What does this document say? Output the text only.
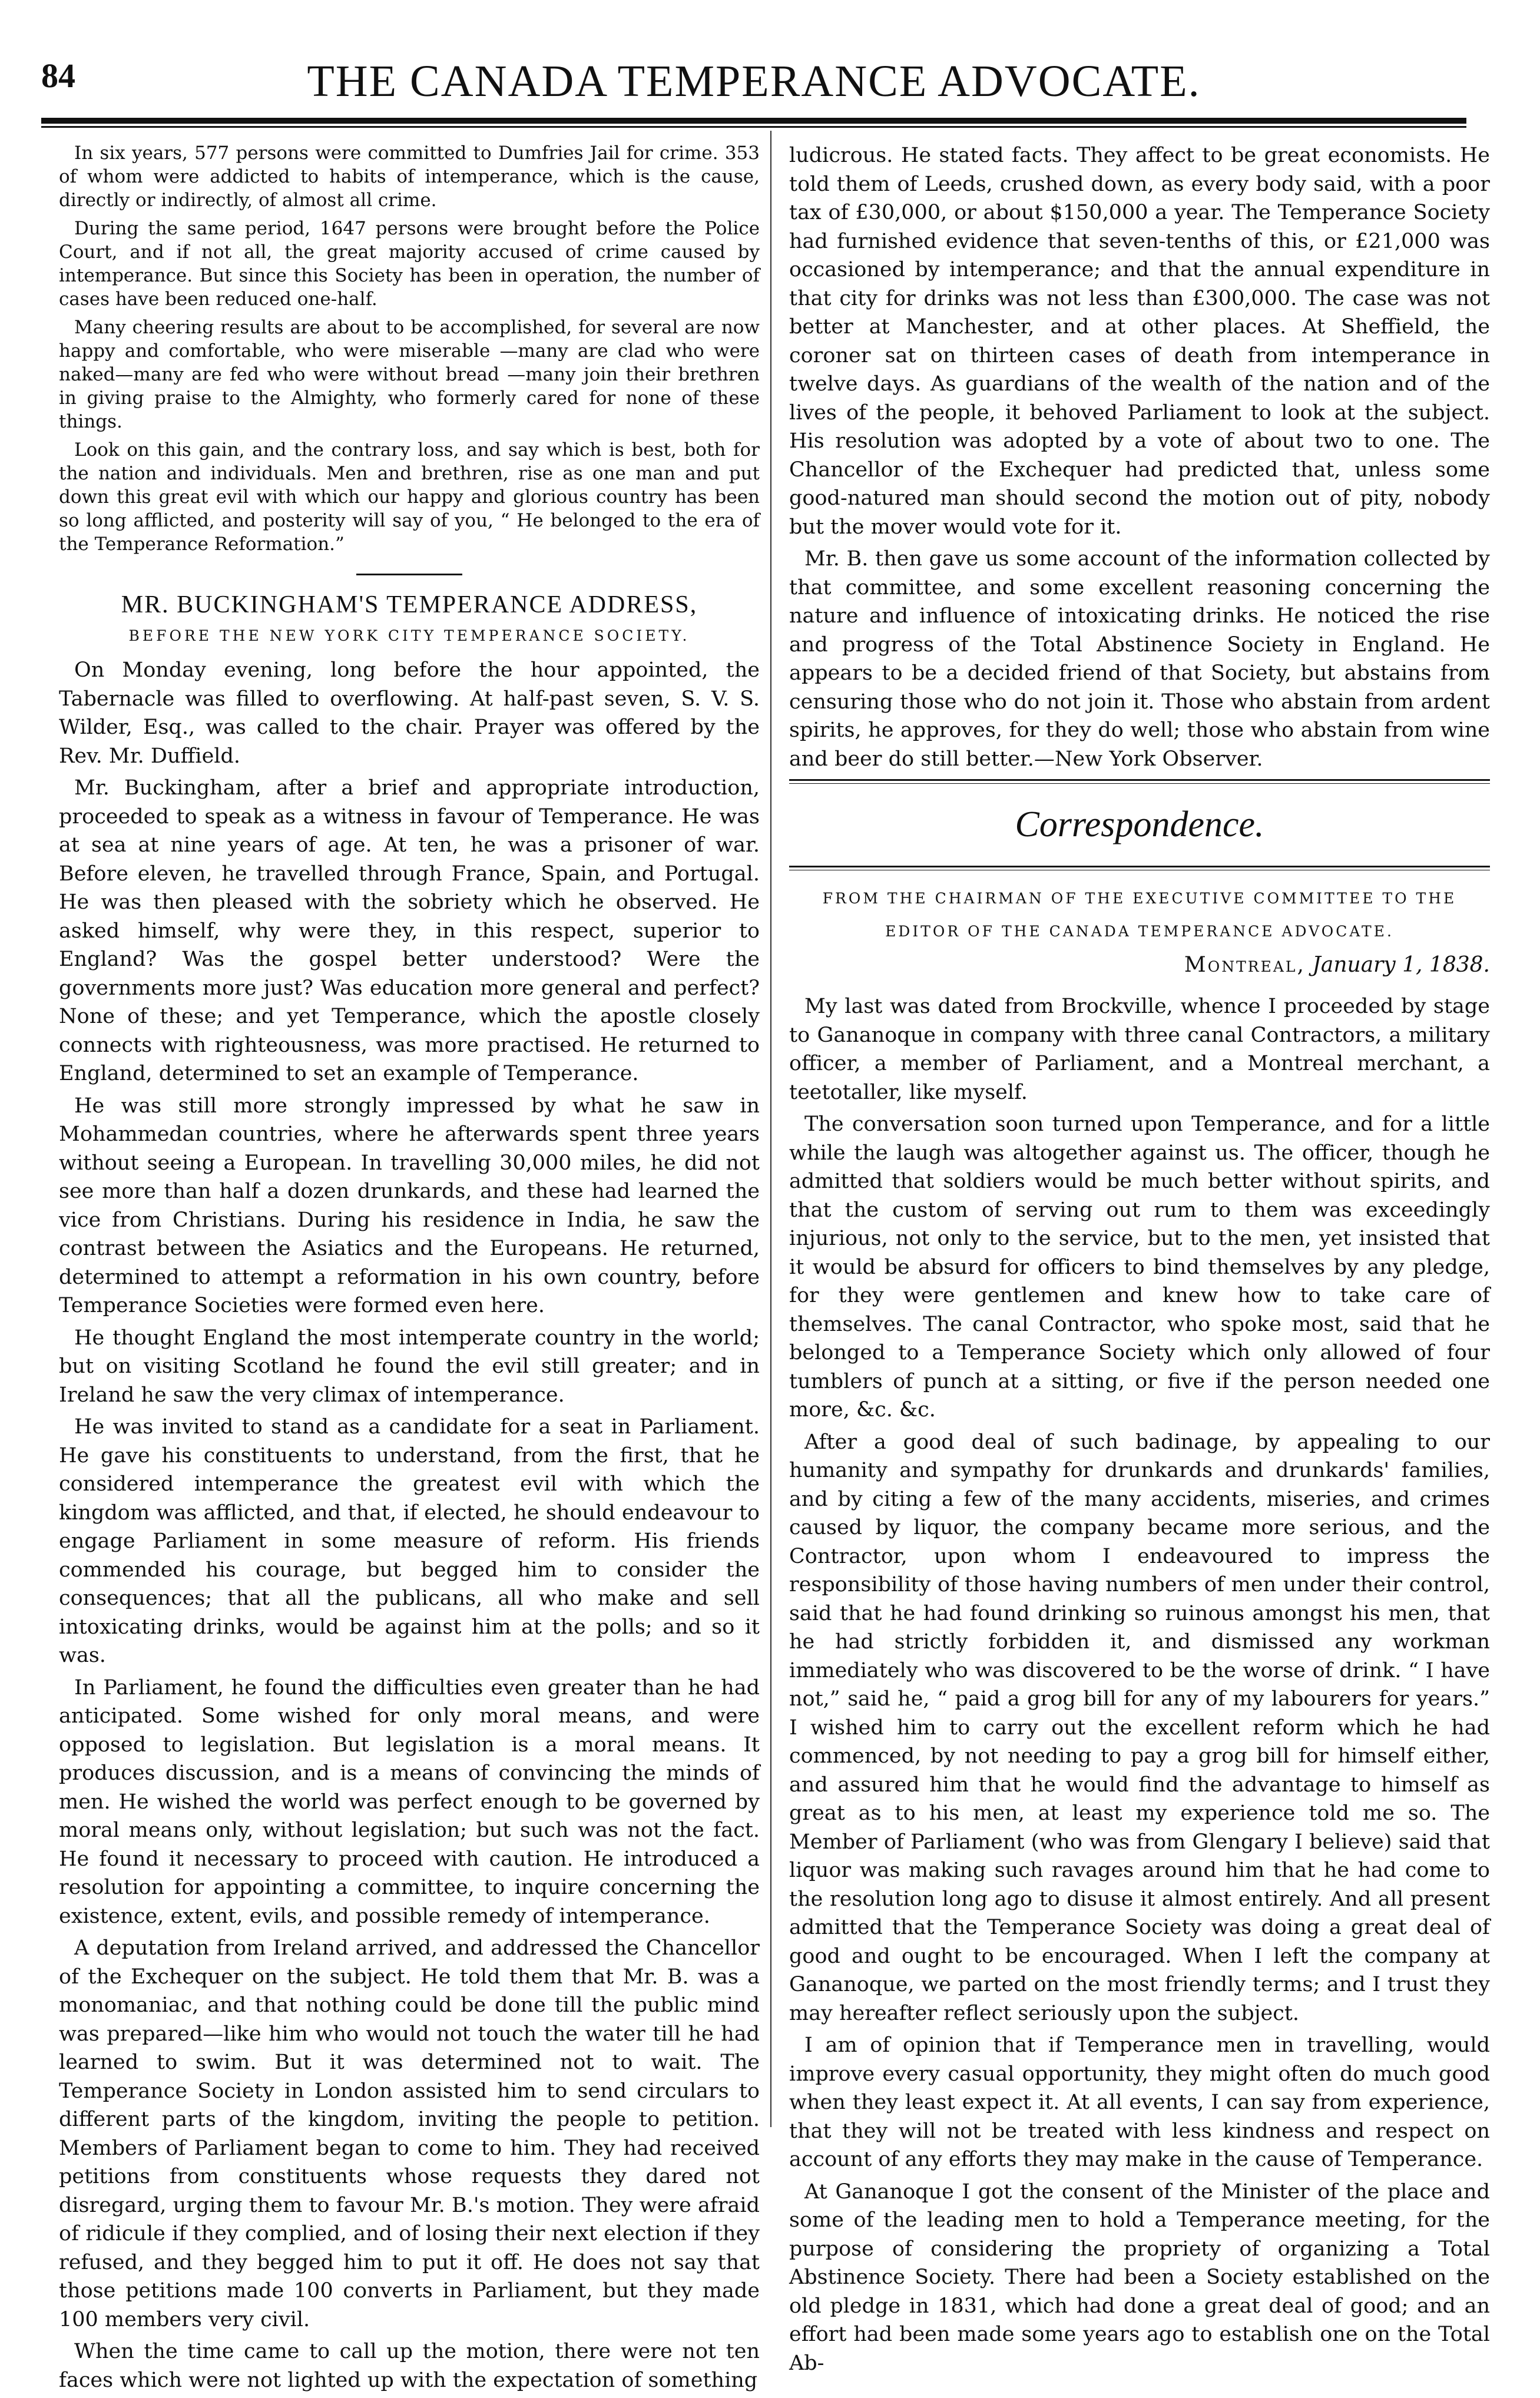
84	THE CANADA TEMPERANCE ADVOCATE.

In six years, 577 persons were committed to Dumfries Jail for crime. 353 of whom were addicted to habits of intemperance, which is the cause, directly or indirectly, of almost all crime.

During the same period, 1647 persons were brought before the Police Court, and if not all, the great majority accused of crime caused by intemperance. But since this Society has been in operation, the number of cases have been reduced one-half.

Many cheering results are about to be accomplished, for several are now happy and comfortable, who were miserable —many are clad who were naked—many are fed who were without bread —many join their brethren in giving praise to the Almighty, who formerly cared for none of these things.

Look on this gain, and the contrary loss, and say which is best, both for the nation and individuals. Men and brethren, rise as one man and put down this great evil with which our happy and glorious country has been so long afflicted, and posterity will say of you, “ He belonged to the era of the Temperance Reformation.”

MR. BUCKINGHAM'S TEMPERANCE ADDRESS,
BEFORE THE NEW YORK CITY TEMPERANCE SOCIETY.

On Monday evening, long before the hour appointed, the Tabernacle was filled to overflowing. At half-past seven, S. V. S. Wilder, Esq., was called to the chair. Prayer was offered by the Rev. Mr. Duffield.

Mr. Buckingham, after a brief and appropriate introduction, proceeded to speak as a witness in favour of Temperance. He was at sea at nine years of age. At ten, he was a prisoner of war. Before eleven, he travelled through France, Spain, and Portugal. He was then pleased with the sobriety which he observed. He asked himself, why were they, in this respect, superior to England? Was the gospel better understood? Were the governments more just? Was education more general and perfect? None of these; and yet Temperance, which the apostle closely connects with righteousness, was more practised. He returned to England, determined to set an example of Temperance.

He was still more strongly impressed by what he saw in Mohammedan countries, where he afterwards spent three years without seeing a European. In travelling 30,000 miles, he did not see more than half a dozen drunkards, and these had learned the vice from Christians. During his residence in India, he saw the contrast between the Asiatics and the Europeans. He returned, determined to attempt a reformation in his own country, before Temperance Societies were formed even here.

He thought England the most intemperate country in the world; but on visiting Scotland he found the evil still greater; and in Ireland he saw the very climax of intemperance.

He was invited to stand as a candidate for a seat in Parliament. He gave his constituents to understand, from the first, that he considered intemperance the greatest evil with which the kingdom was afflicted, and that, if elected, he should endeavour to engage Parliament in some measure of reform. His friends commended his courage, but begged him to consider the consequences; that all the publicans, all who make and sell intoxicating drinks, would be against him at the polls; and so it was.

In Parliament, he found the difficulties even greater than he had anticipated. Some wished for only moral means, and were opposed to legislation. But legislation is a moral means. It produces discussion, and is a means of convincing the minds of men. He wished the world was perfect enough to be governed by moral means only, without legislation; but such was not the fact. He found it necessary to proceed with caution. He introduced a resolution for appointing a committee, to inquire concerning the existence, extent, evils, and possible remedy of intemperance.

A deputation from Ireland arrived, and addressed the Chancellor of the Exchequer on the subject. He told them that Mr. B. was a monomaniac, and that nothing could be done till the public mind was prepared—like him who would not touch the water till he had learned to swim. But it was determined not to wait. The Temperance Society in London assisted him to send circulars to different parts of the kingdom, inviting the people to petition. Members of Parliament began to come to him. They had received petitions from constituents whose requests they dared not disregard, urging them to favour Mr. B.'s motion. They were afraid of ridicule if they complied, and of losing their next election if they refused, and they begged him to put it off. He does not say that those petitions made 100 converts in Parliament, but they made 100 members very civil.

When the time came to call up the motion, there were not ten faces which were not lighted up with the expectation of something

ludicrous. He stated facts. They affect to be great economists. He told them of Leeds, crushed down, as every body said, with a poor tax of £30,000, or about $150,000 a year. The Temperance Society had furnished evidence that seven-tenths of this, or £21,000 was occasioned by intemperance; and that the annual expenditure in that city for drinks was not less than £300,000. The case was not better at Manchester, and at other places. At Sheffield, the coroner sat on thirteen cases of death from intemperance in twelve days. As guardians of the wealth of the nation and of the lives of the people, it behoved Parliament to look at the subject. His resolution was adopted by a vote of about two to one. The Chancellor of the Exchequer had predicted that, unless some good-natured man should second the motion out of pity, nobody but the mover would vote for it.

Mr. B. then gave us some account of the information collected by that committee, and some excellent reasoning concerning the nature and influence of intoxicating drinks. He noticed the rise and progress of the Total Abstinence Society in England. He appears to be a decided friend of that Society, but abstains from censuring those who do not join it. Those who abstain from ardent spirits, he approves, for they do well; those who abstain from wine and beer do still better.—New York Observer.

Correspondence.
FROM THE CHAIRMAN OF THE EXECUTIVE COMMITTEE TO THE
EDITOR OF THE CANADA TEMPERANCE ADVOCATE.
Montreal, January 1, 1838.

My last was dated from Brockville, whence I proceeded by stage to Gananoque in company with three canal Contractors, a military officer, a member of Parliament, and a Montreal merchant, a teetotaller, like myself.

The conversation soon turned upon Temperance, and for a little while the laugh was altogether against us. The officer, though he admitted that soldiers would be much better without spirits, and that the custom of serving out rum to them was exceedingly injurious, not only to the service, but to the men, yet insisted that it would be absurd for officers to bind themselves by any pledge, for they were gentlemen and knew how to take care of themselves. The canal Contractor, who spoke most, said that he belonged to a Temperance Society which only allowed of four tumblers of punch at a sitting, or five if the person needed one more, &c. &c.

After a good deal of such badinage, by appealing to our humanity and sympathy for drunkards and drunkards' families, and by citing a few of the many accidents, miseries, and crimes caused by liquor, the company became more serious, and the Contractor, upon whom I endeavoured to impress the responsibility of those having numbers of men under their control, said that he had found drinking so ruinous amongst his men, that he had strictly forbidden it, and dismissed any workman immediately who was discovered to be the worse of drink. “ I have not,” said he, “ paid a grog bill for any of my labourers for years.” I wished him to carry out the excellent reform which he had commenced, by not needing to pay a grog bill for himself either, and assured him that he would find the advantage to himself as great as to his men, at least my experience told me so. The Member of Parliament (who was from Glengary I believe) said that liquor was making such ravages around him that he had come to the resolution long ago to disuse it almost entirely. And all present admitted that the Temperance Society was doing a great deal of good and ought to be encouraged. When I left the company at Gananoque, we parted on the most friendly terms; and I trust they may hereafter reflect seriously upon the subject.

I am of opinion that if Temperance men in travelling, would improve every casual opportunity, they might often do much good when they least expect it. At all events, I can say from experience, that they will not be treated with less kindness and respect on account of any efforts they may make in the cause of Temperance.

At Gananoque I got the consent of the Minister of the place and some of the leading men to hold a Temperance meeting, for the purpose of considering the propriety of organizing a Total Abstinence Society. There had been a Society established on the old pledge in 1831, which had done a great deal of good; and an effort had been made some years ago to establish one on the Total Ab-
